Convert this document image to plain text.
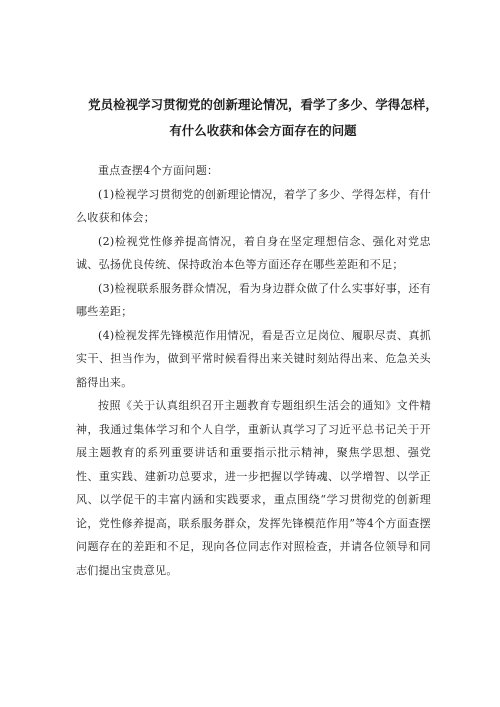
党员检视学习贯彻党的创新理论情况，看学了多少、学得怎样，有什么收获和体会方面存在的问题

重点查摆4个方面问题：

(1)检视学习贯彻党的创新理论情况，着学了多少、学得怎样，有什么收获和体会；

(2)检视党性修养提高情况，着自身在坚定理想信念、强化对党忠诚、弘扬优良传统、保持政治本色等方面还存在哪些差距和不足；

(3)检视联系服务群众情况，看为身边群众做了什么实事好事，还有哪些差距；

(4)检视发挥先锋模范作用情况，看是否立足岗位、履职尽责、真抓实干、担当作为，做到平常时候看得出来关键时刻站得出来、危急关头豁得出来。

按照《关于认真组织召开主题教育专题组织生活会的通知》文件精神，我通过集体学习和个人自学，重新认真学习了习近平总书记关于开展主题教育的系列重要讲话和重要指示批示精神，聚焦学思想、强党性、重实践、建新功总要求，进一步把握以学铸魂、以学增智、以学正风、以学促干的丰富内涵和实践要求，重点围绕“学习贯彻党的创新理论，党性修养提高，联系服务群众，发挥先锋模范作用”等4个方面查摆问题存在的差距和不足，现向各位同志作对照检查，并请各位领导和同志们提出宝贵意见。
